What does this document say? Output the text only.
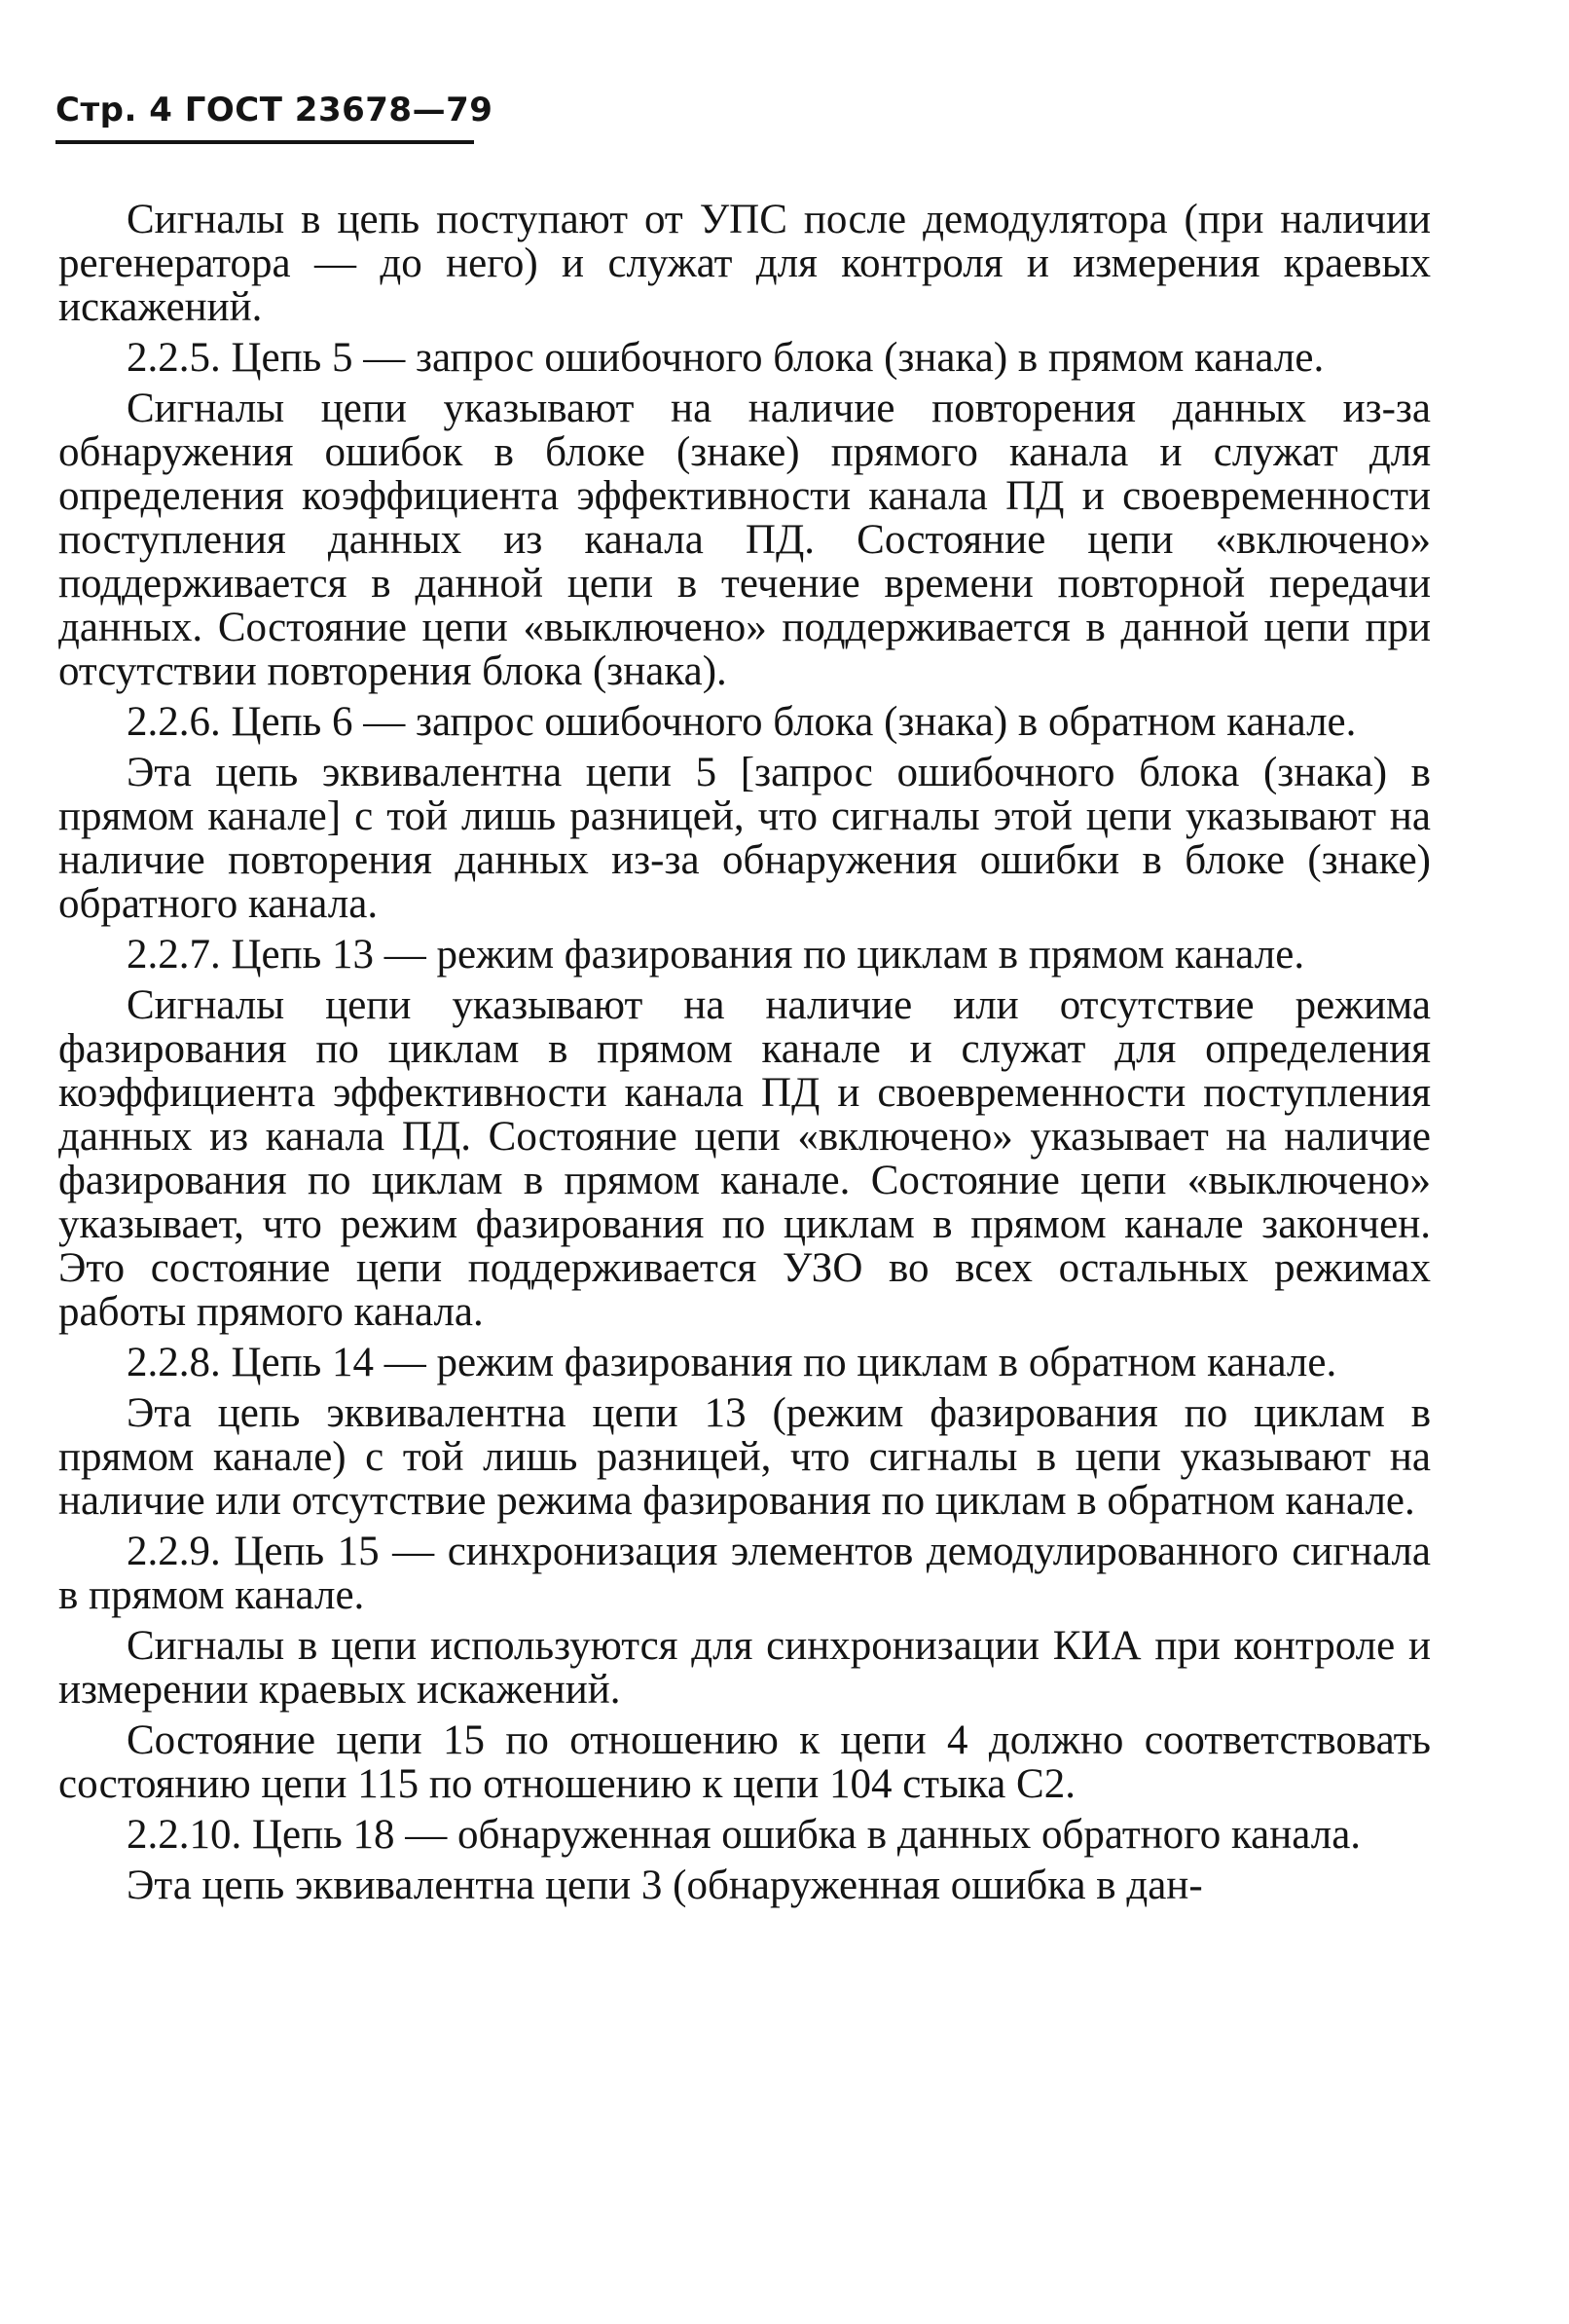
Стр. 4 ГОСТ 23678—79

Сигналы в цепь поступают от УПС после демодулятора (при наличии регенератора — до него) и служат для контроля и измерения краевых искажений.

2.2.5. Цепь 5 — запрос ошибочного блока (знака) в прямом канале.

Сигналы цепи указывают на наличие повторения данных из-за обнаружения ошибок в блоке (знаке) прямого канала и служат для определения коэффициента эффективности канала ПД и своевременности поступления данных из канала ПД. Состояние цепи «включено» поддерживается в данной цепи в течение времени повторной передачи данных. Состояние цепи «выключено» поддерживается в данной цепи при отсутствии повторения блока (знака).

2.2.6. Цепь 6 — запрос ошибочного блока (знака) в обратном канале.

Эта цепь эквивалентна цепи 5 [запрос ошибочного блока (знака) в прямом канале] с той лишь разницей, что сигналы этой цепи указывают на наличие повторения данных из-за обнаружения ошибки в блоке (знаке) обратного канала.

2.2.7. Цепь 13 — режим фазирования по циклам в прямом канале.

Сигналы цепи указывают на наличие или отсутствие режима фазирования по циклам в прямом канале и служат для определения коэффициента эффективности канала ПД и своевременности поступления данных из канала ПД. Состояние цепи «включено» указывает на наличие фазирования по циклам в прямом канале. Состояние цепи «выключено» указывает, что режим фазирования по циклам в прямом канале закончен. Это состояние цепи поддерживается УЗО во всех остальных режимах работы прямого канала.

2.2.8. Цепь 14 — режим фазирования по циклам в обратном канале.

Эта цепь эквивалентна цепи 13 (режим фазирования по циклам в прямом канале) с той лишь разницей, что сигналы в цепи указывают на наличие или отсутствие режима фазирования по циклам в обратном канале.

2.2.9. Цепь 15 — синхронизация элементов демодулированного сигнала в прямом канале.

Сигналы в цепи используются для синхронизации КИА при контроле и измерении краевых искажений.

Состояние цепи 15 по отношению к цепи 4 должно соответствовать состоянию цепи 115 по отношению к цепи 104 стыка С2.

2.2.10. Цепь 18 — обнаруженная ошибка в данных обратного канала.

Эта цепь эквивалентна цепи 3 (обнаруженная ошибка в дан-
